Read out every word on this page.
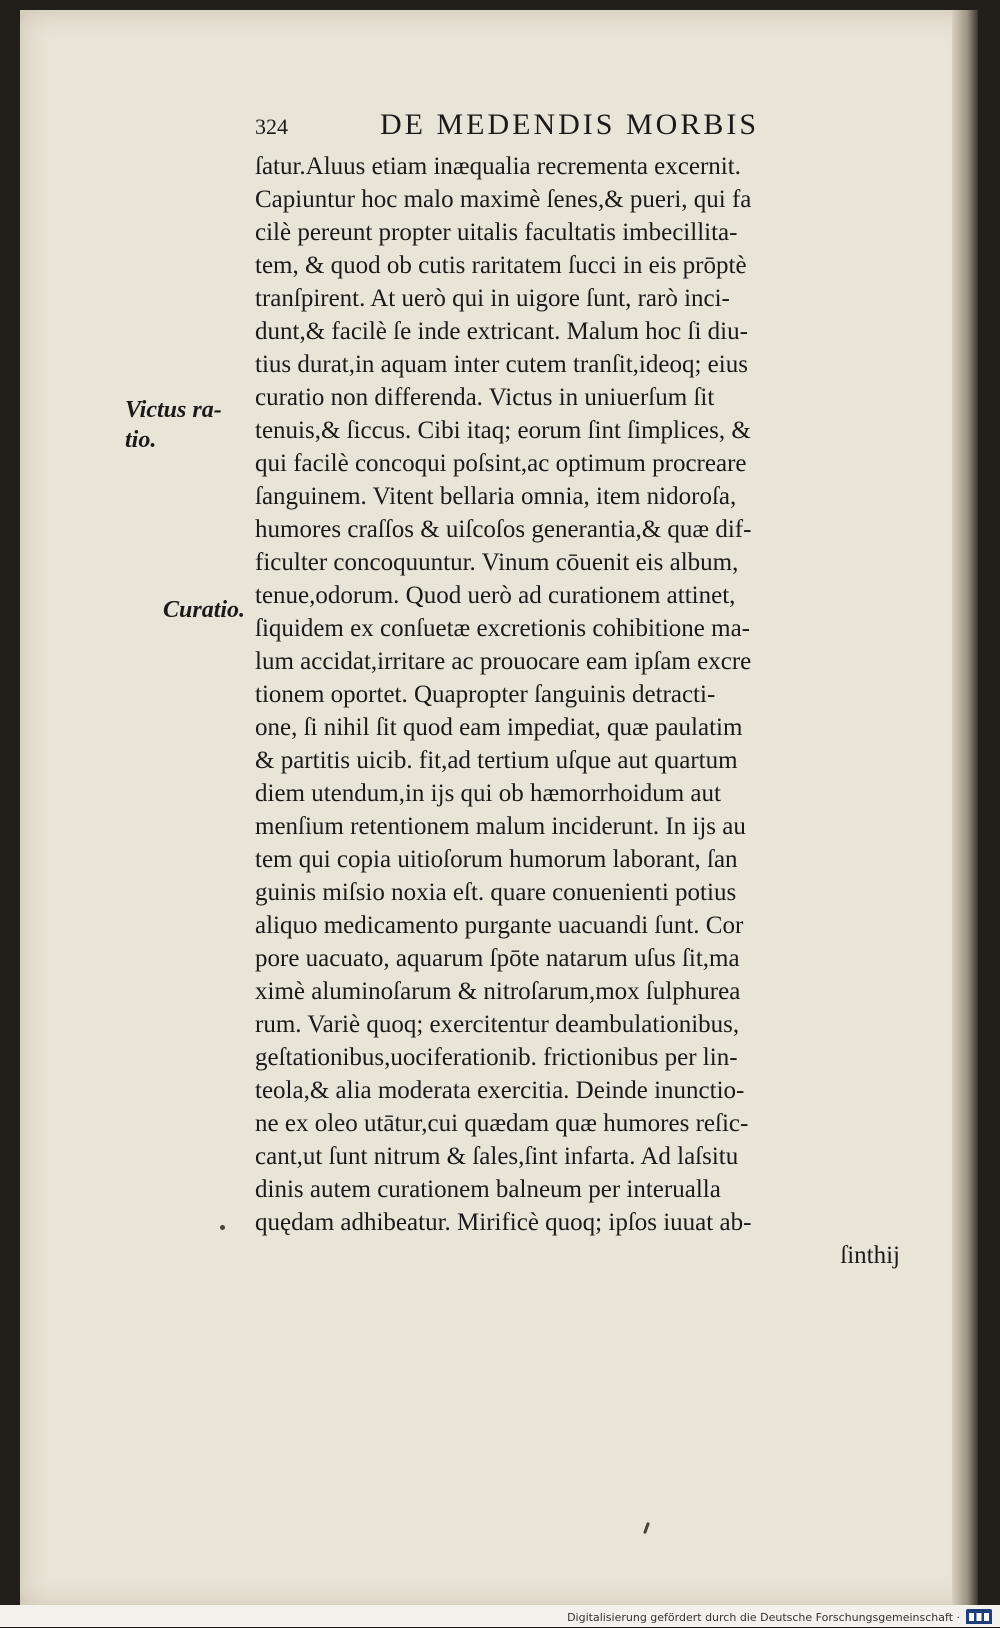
324	DE MEDENDIS MORBIS
Victus ra-
tio.
Curatio.
ſatur.Aluus etiam inæqualia recrementa excernit.
Capiuntur hoc malo maximè ſenes,& pueri, qui fa
cilè pereunt propter uitalis facultatis imbecillita-
tem, & quod ob cutis raritatem ſucci in eis prōptè
tranſpirent. At uerò qui in uigore ſunt, rarò inci-
dunt,& facilè ſe inde extricant. Malum hoc ſi diu-
tius durat,in aquam inter cutem tranſit,ideoq; eius
curatio non differenda. Victus in uniuerſum ſit
tenuis,& ſiccus. Cibi itaq; eorum ſint ſimplices, &
qui facilè concoqui poſsint,ac optimum procreare
ſanguinem. Vitent bellaria omnia, item nidoroſa,
humores craſſos & uiſcoſos generantia,& quæ dif-
ficulter concoquuntur. Vinum cōuenit eis album,
tenue,odorum. Quod uerò ad curationem attinet,
ſiquidem ex conſuetæ excretionis cohibitione ma-
lum accidat,irritare ac prouocare eam ipſam excre
tionem oportet. Quapropter ſanguinis detracti-
one, ſi nihil ſit quod eam impediat, quæ paulatim
& partitis uicib. fit,ad tertium uſque aut quartum
diem utendum,in ijs qui ob hæmorrhoidum aut
menſium retentionem malum inciderunt. In ijs au
tem qui copia uitioſorum humorum laborant, ſan
guinis miſsio noxia eſt. quare conuenienti potius
aliquo medicamento purgante uacuandi ſunt. Cor
pore uacuato, aquarum ſpōte natarum uſus ſit,ma
ximè aluminoſarum & nitroſarum,mox ſulphurea
rum. Variè quoq; exercitentur deambulationibus,
geſtationibus,uociferationib. frictionibus per lin-
teola,& alia moderata exercitia. Deinde inunctio-
ne ex oleo utātur,cui quædam quæ humores reſic-
cant,ut ſunt nitrum & ſales,ſint infarta. Ad laſsitu
dinis autem curationem balneum per interualla
quędam adhibeatur. Mirificè quoq; ipſos iuuat ab-
ſinthij
Digitalisierung gefördert durch die Deutsche Forschungsgemeinschaft ·
